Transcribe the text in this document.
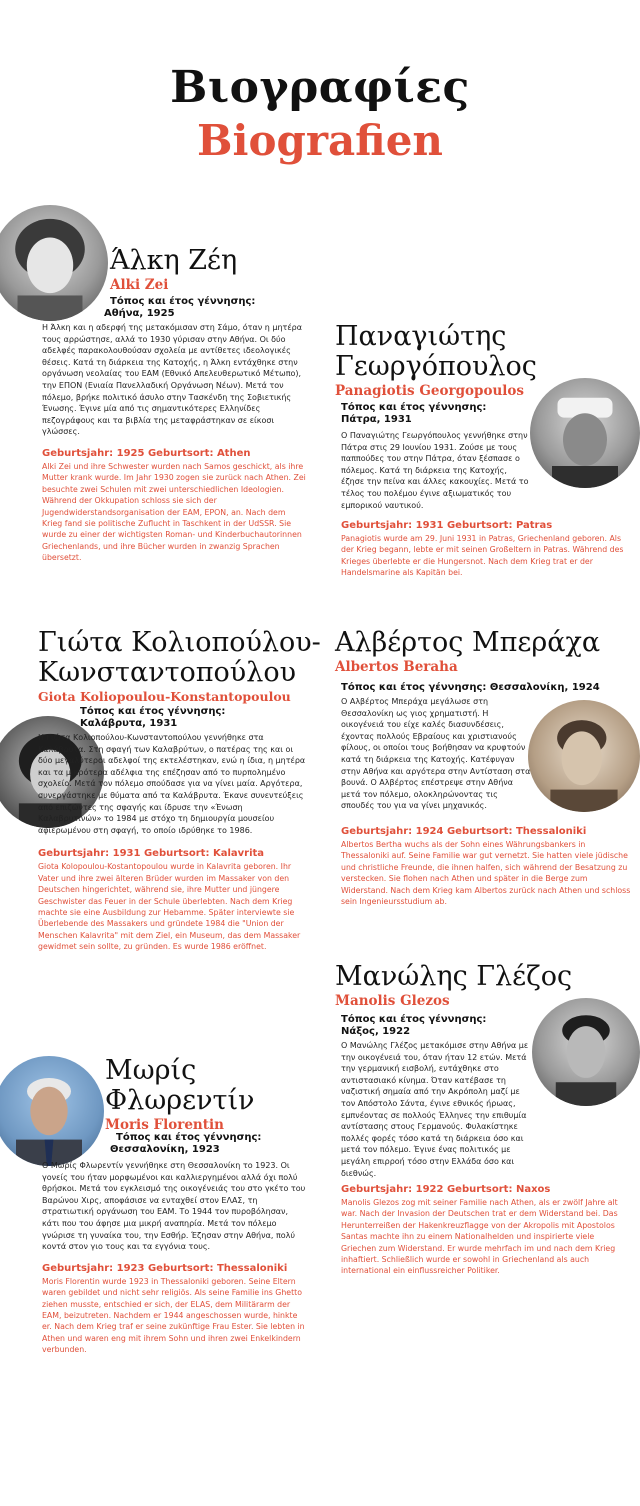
Βιογραφίες
Biografien
Άλκη Ζέη
Alki Zei
Τόπος και έτος γέννησης:
Αθήνα, 1925
Η Άλκη και η αδερφή της μετακόμισαν στη Σάμο, όταν η μητέρα τους αρρώστησε, αλλά το 1930 γύρισαν στην Αθήνα. Οι δύο αδελφές παρακολουθούσαν σχολεία με αντίθετες ιδεολογικές θέσεις. Κατά τη διάρκεια της Κατοχής, η Άλκη εντάχθηκε στην οργάνωση νεολαίας του ΕΑΜ (Εθνικό Απελευθερωτικό Μέτωπο), την ΕΠΟΝ (Ενιαία Πανελλαδική Οργάνωση Νέων). Μετά τον πόλεμο, βρήκε πολιτικό άσυλο στην Τασκένδη της Σοβιετικής Ένωσης. Έγινε μία από τις σημαντικότερες Ελληνίδες πεζογράφους και τα βιβλία της μεταφράστηκαν σε είκοσι γλώσσες.
Geburtsjahr: 1925 Geburtsort: Athen
Alki Zei und ihre Schwester wurden nach Samos geschickt, als ihre Mutter krank wurde. Im Jahr 1930 zogen sie zurück nach Athen. Zei besuchte zwei Schulen mit zwei unterschiedlichen Ideologien. Während der Okkupation schloss sie sich der Jugendwiderstandsorganisation der EAM, EPON, an. Nach dem Krieg fand sie politische Zuflucht in Taschkent in der UdSSR. Sie wurde zu einer der wichtigsten Roman- und Kinderbuchautorinnen Griechenlands, und ihre Bücher wurden in zwanzig Sprachen übersetzt.
Παναγιώτης Γεωργόπουλος
Panagiotis Georgopoulos
Τόπος και έτος γέννησης:
Πάτρα, 1931
Ο Παναγιώτης Γεωργόπουλος γεννήθηκε στην Πάτρα στις 29 Ιουνίου 1931. Ζούσε με τους παππούδες του στην Πάτρα, όταν ξέσπασε ο πόλεμος. Κατά τη διάρκεια της Κατοχής, έζησε την πείνα και άλλες κακουχίες. Μετά το τέλος του πολέμου έγινε αξιωματικός του εμπορικού ναυτικού.
Geburtsjahr: 1931 Geburtsort: Patras
Panagiotis wurde am 29. Juni 1931 in Patras, Griechenland geboren. Als der Krieg begann, lebte er mit seinen Großeltern in Patras. Während des Krieges überlebte er die Hungersnot. Nach dem Krieg trat er der Handelsmarine als Kapitän bei.
Γιώτα Κολιοπούλου-Κωνσταντοπούλου
Giota Koliopoulou-Konstantopoulou
Τόπος και έτος γέννησης:
Καλάβρυτα, 1931
Η Γιώτα Κολιοπούλου-Κωνσταντοπούλου γεννήθηκε στα Καλάβρυτα. Στη σφαγή των Καλαβρύτων, ο πατέρας της και οι δύο μεγαλύτεροι αδελφοί της εκτελέστηκαν, ενώ η ίδια, η μητέρα και τα μικρότερα αδέλφια της επέζησαν από το πυρπολημένο σχολείο. Μετά τον πόλεμο σπούδασε για να γίνει μαία. Αργότερα, συνεργάστηκε με θύματα από τα Καλάβρυτα. Έκανε συνεντεύξεις από επιζώντες της σφαγής και ίδρυσε την «Ένωση Καλαβρυτινών» το 1984 με στόχο τη δημιουργία μουσείου αφιερωμένου στη σφαγή, το οποίο ιδρύθηκε το 1986.
Geburtsjahr: 1931 Geburtsort: Kalavrita
Giota Kolopoulou-Kostantopoulou wurde in Kalavrita geboren. Ihr Vater und ihre zwei älteren Brüder wurden im Massaker von den Deutschen hingerichtet, während sie, ihre Mutter und jüngere Geschwister das Feuer in der Schule überlebten. Nach dem Krieg machte sie eine Ausbildung zur Hebamme. Später interviewte sie Überlebende des Massakers und gründete 1984 die "Union der Menschen Kalavrita" mit dem Ziel, ein Museum, das dem Massaker gewidmet sein sollte, zu gründen. Es wurde 1986 eröffnet.
Αλβέρτος Μπεράχα
Albertos Beraha
Τόπος και έτος γέννησης: Θεσσαλονίκη, 1924
Ο Αλβέρτος Μπεράχα μεγάλωσε στη Θεσσαλονίκη ως γιος χρηματιστή. Η οικογένειά του είχε καλές διασυνδέσεις, έχοντας πολλούς Εβραίους και χριστιανούς φίλους, οι οποίοι τους βοήθησαν να κρυφτούν κατά τη διάρκεια της Κατοχής. Κατέφυγαν στην Αθήνα και αργότερα στην Αντίσταση στα βουνά. Ο Αλβέρτος επέστρεψε στην Αθήνα μετά τον πόλεμο, ολοκληρώνοντας τις σπουδές του για να γίνει μηχανικός.
Geburtsjahr: 1924 Geburtsort: Thessaloniki
Albertos Bertha wuchs als der Sohn eines Währungsbankers in Thessaloniki auf. Seine Familie war gut vernetzt. Sie hatten viele jüdische und christliche Freunde, die ihnen halfen, sich während der Besatzung zu verstecken. Sie flohen nach Athen und später in die Berge zum Widerstand. Nach dem Krieg kam Albertos zurück nach Athen und schloss sein Ingenieursstudium ab.
Μανώλης Γλέζος
Manolis Glezos
Τόπος και έτος γέννησης:
Νάξος, 1922
Ο Μανώλης Γλέζος μετακόμισε στην Αθήνα με την οικογένειά του, όταν ήταν 12 ετών. Μετά την γερμανική εισβολή, εντάχθηκε στο αντιστασιακό κίνημα. Όταν κατέβασε τη ναζιστική σημαία από την Ακρόπολη μαζί με τον Απόστολο Σάντα, έγινε εθνικός ήρωας, εμπνέοντας σε πολλούς Έλληνες την επιθυμία αντίστασης στους Γερμανούς. Φυλακίστηκε πολλές φορές τόσο κατά τη διάρκεια όσο και μετά τον πόλεμο. Έγινε ένας πολιτικός με μεγάλη επιρροή τόσο στην Ελλάδα όσο και διεθνώς.
Geburtsjahr: 1922 Geburtsort: Naxos
Manolis Glezos zog mit seiner Familie nach Athen, als er zwölf Jahre alt war. Nach der Invasion der Deutschen trat er dem Widerstand bei. Das Herunterreißen der Hakenkreuzflagge von der Akropolis mit Apostolos Santas machte ihn zu einem Nationalhelden und inspirierte viele Griechen zum Widerstand. Er wurde mehrfach im und nach dem Krieg inhaftiert. Schließlich wurde er sowohl in Griechenland als auch international ein einflussreicher Politiker.
Μωρίς Φλωρεντίν
Moris Florentin
Τόπος και έτος γέννησης:
Θεσσαλονίκη, 1923
Ο Μωρίς Φλωρεντίν γεννήθηκε στη Θεσσαλονίκη το 1923. Οι γονείς του ήταν μορφωμένοι και καλλιεργημένοι αλλά όχι πολύ θρήσκοι. Μετά τον εγκλεισμό της οικογένειάς του στο γκέτο του Βαρώνου Χιρς, αποφάσισε να ενταχθεί στον ΕΛΑΣ, τη στρατιωτική οργάνωση του ΕΑΜ. Το 1944 τον πυροβόλησαν, κάτι που του άφησε μια μικρή αναπηρία. Μετά τον πόλεμο γνώρισε τη γυναίκα του, την Εσθήρ. Έζησαν στην Αθήνα, πολύ κοντά στον γιο τους και τα εγγόνια τους.
Geburtsjahr: 1923 Geburtsort: Thessaloniki
Moris Florentin wurde 1923 in Thessaloniki geboren. Seine Eltern waren gebildet und nicht sehr religiös. Als seine Familie ins Ghetto ziehen musste, entschied er sich, der ELAS, dem Militärarm der EAM, beizutreten. Nachdem er 1944 angeschossen wurde, hinkte er. Nach dem Krieg traf er seine zukünftige Frau Ester. Sie lebten in Athen und waren eng mit ihrem Sohn und ihren zwei Enkelkindern verbunden.
